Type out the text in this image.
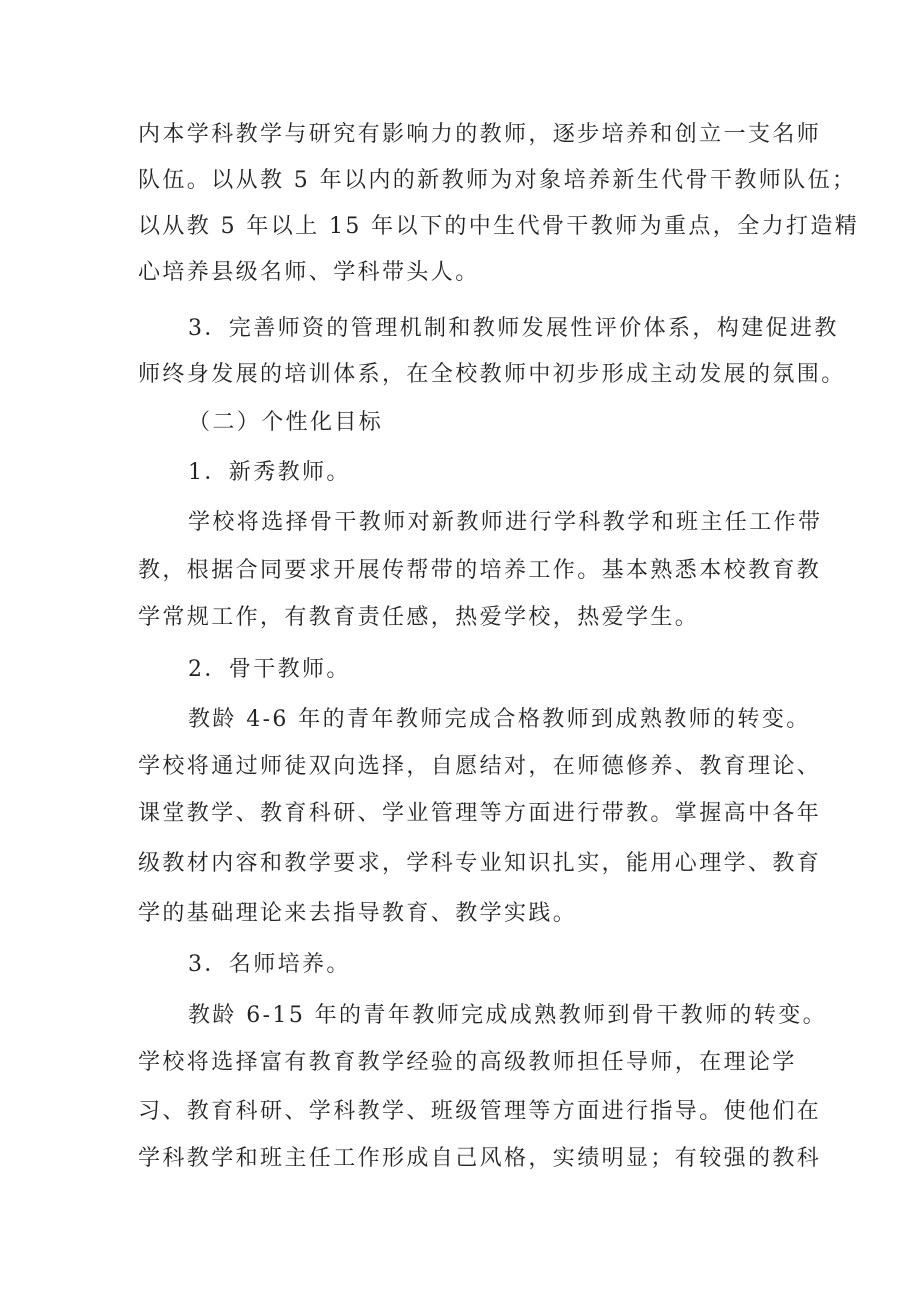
内本学科教学与研究有影响力的教师，逐步培养和创立一支名师
队伍。以从教 5 年以内的新教师为对象培养新生代骨干教师队伍；
以从教 5 年以上 15 年以下的中生代骨干教师为重点，全力打造精
心培养县级名师、学科带头人。
3．完善师资的管理机制和教师发展性评价体系，构建促进教
师终身发展的培训体系，在全校教师中初步形成主动发展的氛围。
（二）个性化目标
1．新秀教师。
学校将选择骨干教师对新教师进行学科教学和班主任工作带
教，根据合同要求开展传帮带的培养工作。基本熟悉本校教育教
学常规工作，有教育责任感，热爱学校，热爱学生。
2．骨干教师。
教龄 4-6 年的青年教师完成合格教师到成熟教师的转变。
学校将通过师徒双向选择，自愿结对，在师德修养、教育理论、
课堂教学、教育科研、学业管理等方面进行带教。掌握高中各年
级教材内容和教学要求，学科专业知识扎实，能用心理学、教育
学的基础理论来去指导教育、教学实践。
3．名师培养。
教龄 6-15 年的青年教师完成成熟教师到骨干教师的转变。
学校将选择富有教育教学经验的高级教师担任导师，在理论学
习、教育科研、学科教学、班级管理等方面进行指导。使他们在
学科教学和班主任工作形成自己风格，实绩明显；有较强的教科
